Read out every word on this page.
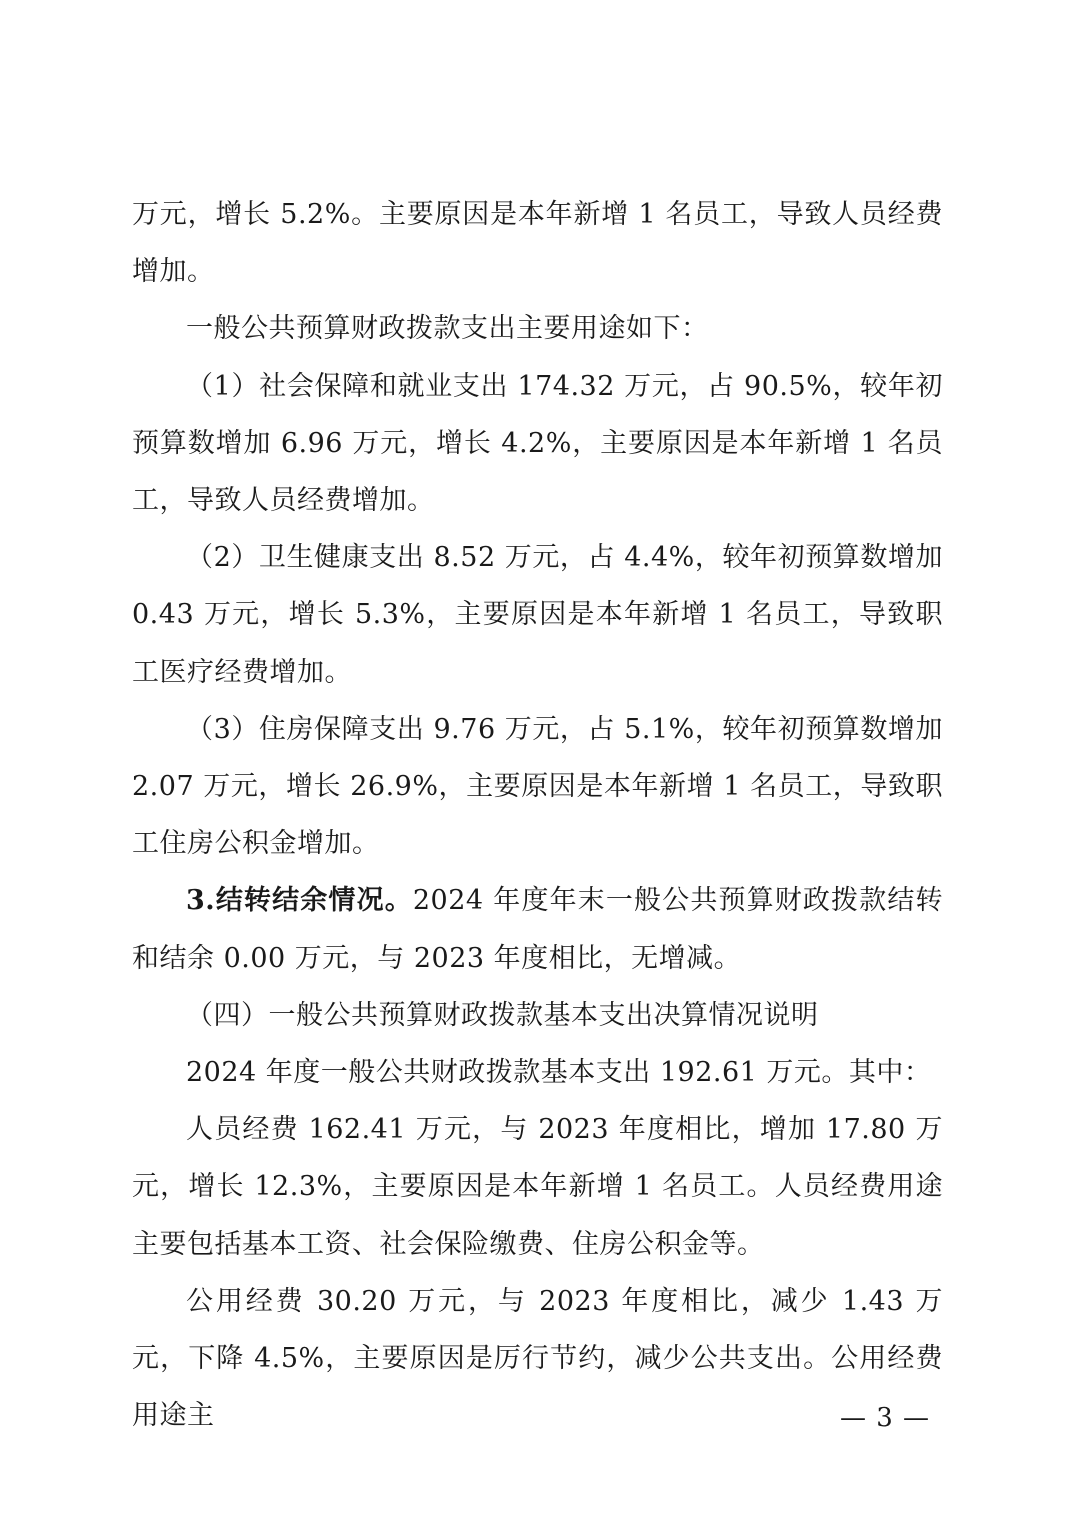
万元，增长 5.2%。主要原因是本年新增 1 名员工，导致人员经费增加。

一般公共预算财政拨款支出主要用途如下：

（1）社会保障和就业支出 174.32 万元，占 90.5%，较年初预算数增加 6.96 万元，增长 4.2%，主要原因是本年新增 1 名员工，导致人员经费增加。

（2）卫生健康支出 8.52 万元，占 4.4%，较年初预算数增加 0.43 万元，增长 5.3%，主要原因是本年新增 1 名员工，导致职工医疗经费增加。

（3）住房保障支出 9.76 万元，占 5.1%，较年初预算数增加 2.07 万元，增长 26.9%，主要原因是本年新增 1 名员工，导致职工住房公积金增加。

3.结转结余情况。2024 年度年末一般公共预算财政拨款结转和结余 0.00 万元，与 2023 年度相比，无增减。

（四）一般公共预算财政拨款基本支出决算情况说明

2024 年度一般公共财政拨款基本支出 192.61 万元。其中：

人员经费 162.41 万元，与 2023 年度相比，增加 17.80 万元，增长 12.3%，主要原因是本年新增 1 名员工。人员经费用途主要包括基本工资、社会保险缴费、住房公积金等。

公用经费 30.20 万元，与 2023 年度相比，减少 1.43 万元，下降 4.5%，主要原因是厉行节约，减少公共支出。公用经费用途主	— 3 —
